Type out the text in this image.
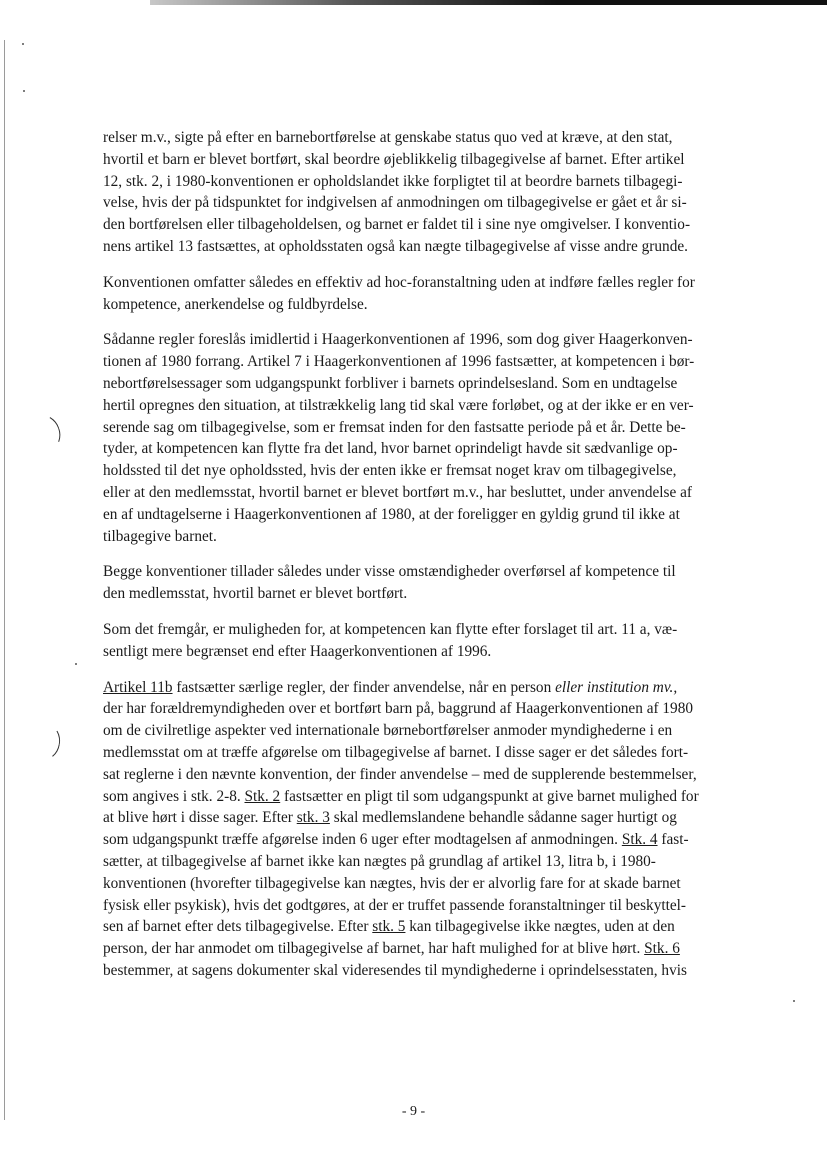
relser m.v., sigte på efter en barnebortførelse at genskabe status quo ved at kræve, at den stat,
hvortil et barn er blevet bortført, skal beordre øjeblikkelig tilbagegivelse af barnet. Efter artikel
12, stk. 2, i 1980-konventionen er opholdslandet ikke forpligtet til at beordre barnets tilbagegi-
velse, hvis der på tidspunktet for indgivelsen af anmodningen om tilbagegivelse er gået et år si-
den bortførelsen eller tilbageholdelsen, og barnet er faldet til i sine nye omgivelser. I konventio-
nens artikel 13 fastsættes, at opholdsstaten også kan nægte tilbagegivelse af visse andre grunde.
Konventionen omfatter således en effektiv ad hoc-foranstaltning uden at indføre fælles regler for
kompetence, anerkendelse og fuldbyrdelse.
Sådanne regler foreslås imidlertid i Haagerkonventionen af 1996, som dog giver Haagerkonven-
tionen af 1980 forrang. Artikel 7 i Haagerkonventionen af 1996 fastsætter, at kompetencen i bør-
nebortførelsessager som udgangspunkt forbliver i barnets oprindelsesland. Som en undtagelse
hertil opregnes den situation, at tilstrækkelig lang tid skal være forløbet, og at der ikke er en ver-
serende sag om tilbagegivelse, som er fremsat inden for den fastsatte periode på et år. Dette be-
tyder, at kompetencen kan flytte fra det land, hvor barnet oprindeligt havde sit sædvanlige op-
holdssted til det nye opholdssted, hvis der enten ikke er fremsat noget krav om tilbagegivelse,
eller at den medlemsstat, hvortil barnet er blevet bortført m.v., har besluttet, under anvendelse af
en af undtagelserne i Haagerkonventionen af 1980, at der foreligger en gyldig grund til ikke at
tilbagegive barnet.
Begge konventioner tillader således under visse omstændigheder overførsel af kompetence til
den medlemsstat, hvortil barnet er blevet bortført.
Som det fremgår, er muligheden for, at kompetencen kan flytte efter forslaget til art. 11 a, væ-
sentligt mere begrænset end efter Haagerkonventionen af 1996.
Artikel 11b fastsætter særlige regler, der finder anvendelse, når en person eller institution mv.,
der har forældremyndigheden over et bortført barn på, baggrund af Haagerkonventionen af 1980
om de civilretlige aspekter ved internationale børnebortførelser anmoder myndighederne i en
medlemsstat om at træffe afgørelse om tilbagegivelse af barnet. I disse sager er det således fort-
sat reglerne i den nævnte konvention, der finder anvendelse – med de supplerende bestemmelser,
som angives i stk. 2-8. Stk. 2 fastsætter en pligt til som udgangspunkt at give barnet mulighed for
at blive hørt i disse sager. Efter stk. 3 skal medlemslandene behandle sådanne sager hurtigt og
som udgangspunkt træffe afgørelse inden 6 uger efter modtagelsen af anmodningen. Stk. 4 fast-
sætter, at tilbagegivelse af barnet ikke kan nægtes på grundlag af artikel 13, litra b, i 1980-
konventionen (hvorefter tilbagegivelse kan nægtes, hvis der er alvorlig fare for at skade barnet
fysisk eller psykisk), hvis det godtgøres, at der er truffet passende foranstaltninger til beskyttel-
sen af barnet efter dets tilbagegivelse. Efter stk. 5 kan tilbagegivelse ikke nægtes, uden at den
person, der har anmodet om tilbagegivelse af barnet, har haft mulighed for at blive hørt. Stk. 6
bestemmer, at sagens dokumenter skal videresendes til myndighederne i oprindelsesstaten, hvis
- 9 -
